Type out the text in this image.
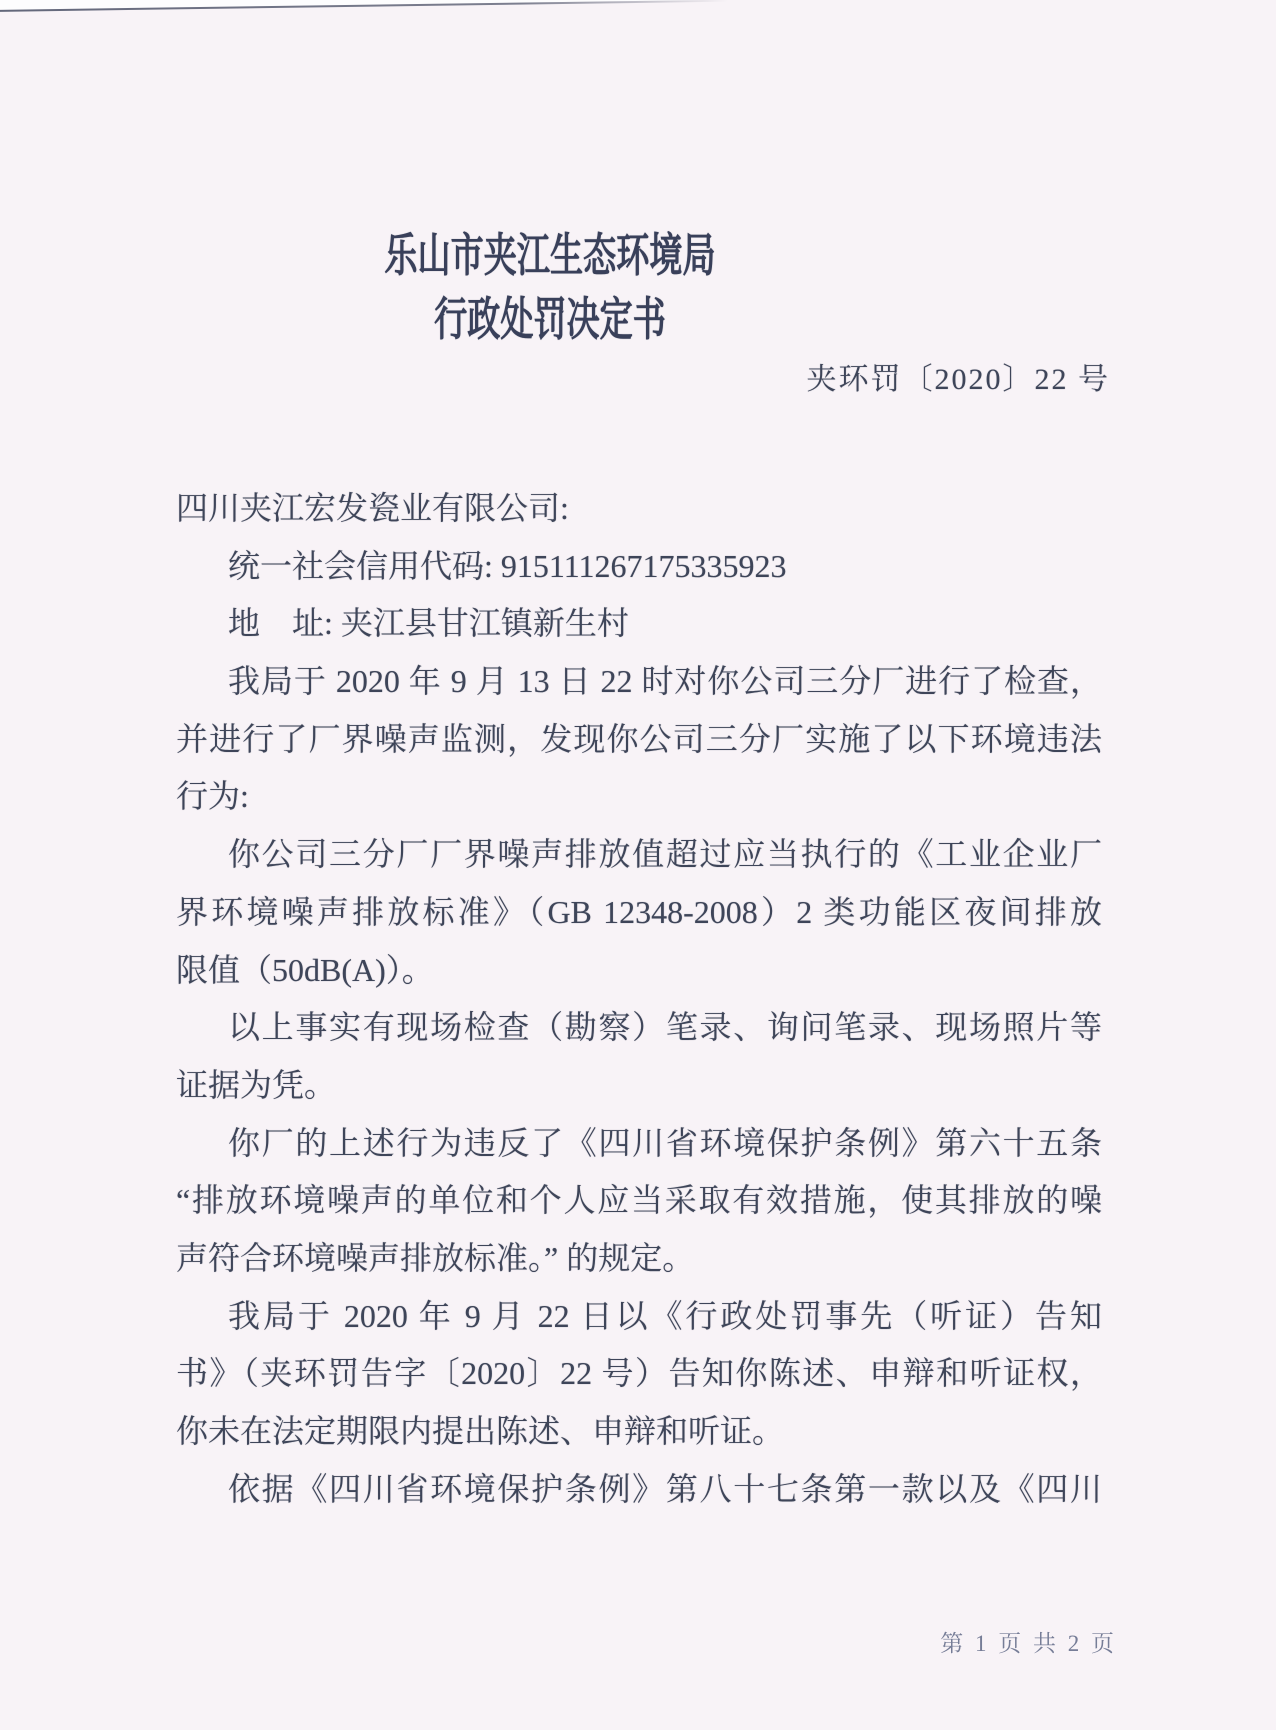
乐山市夹江生态环境局
行政处罚决定书
夹环罚〔2020〕22 号
四川夹江宏发瓷业有限公司:
统一社会信用代码: 915111267175335923
地　址: 夹江县甘江镇新生村
我局于 2020 年 9 月 13 日 22 时对你公司三分厂进行了检查，
并进行了厂界噪声监测，发现你公司三分厂实施了以下环境违法
行为:
你公司三分厂厂界噪声排放值超过应当执行的《工业企业厂
界环境噪声排放标准》（GB 12348-2008）2 类功能区夜间排放
限值（50dB(A)）。
以上事实有现场检查（勘察）笔录、询问笔录、现场照片等
证据为凭。
你厂的上述行为违反了《四川省环境保护条例》第六十五条
“排放环境噪声的单位和个人应当采取有效措施，使其排放的噪
声符合环境噪声排放标准。” 的规定。
我局于 2020 年 9 月 22 日以《行政处罚事先（听证）告知
书》（夹环罚告字〔2020〕22 号）告知你陈述、申辩和听证权，
你未在法定期限内提出陈述、申辩和听证。
依据《四川省环境保护条例》第八十七条第一款以及《四川
第 1 页 共 2 页
